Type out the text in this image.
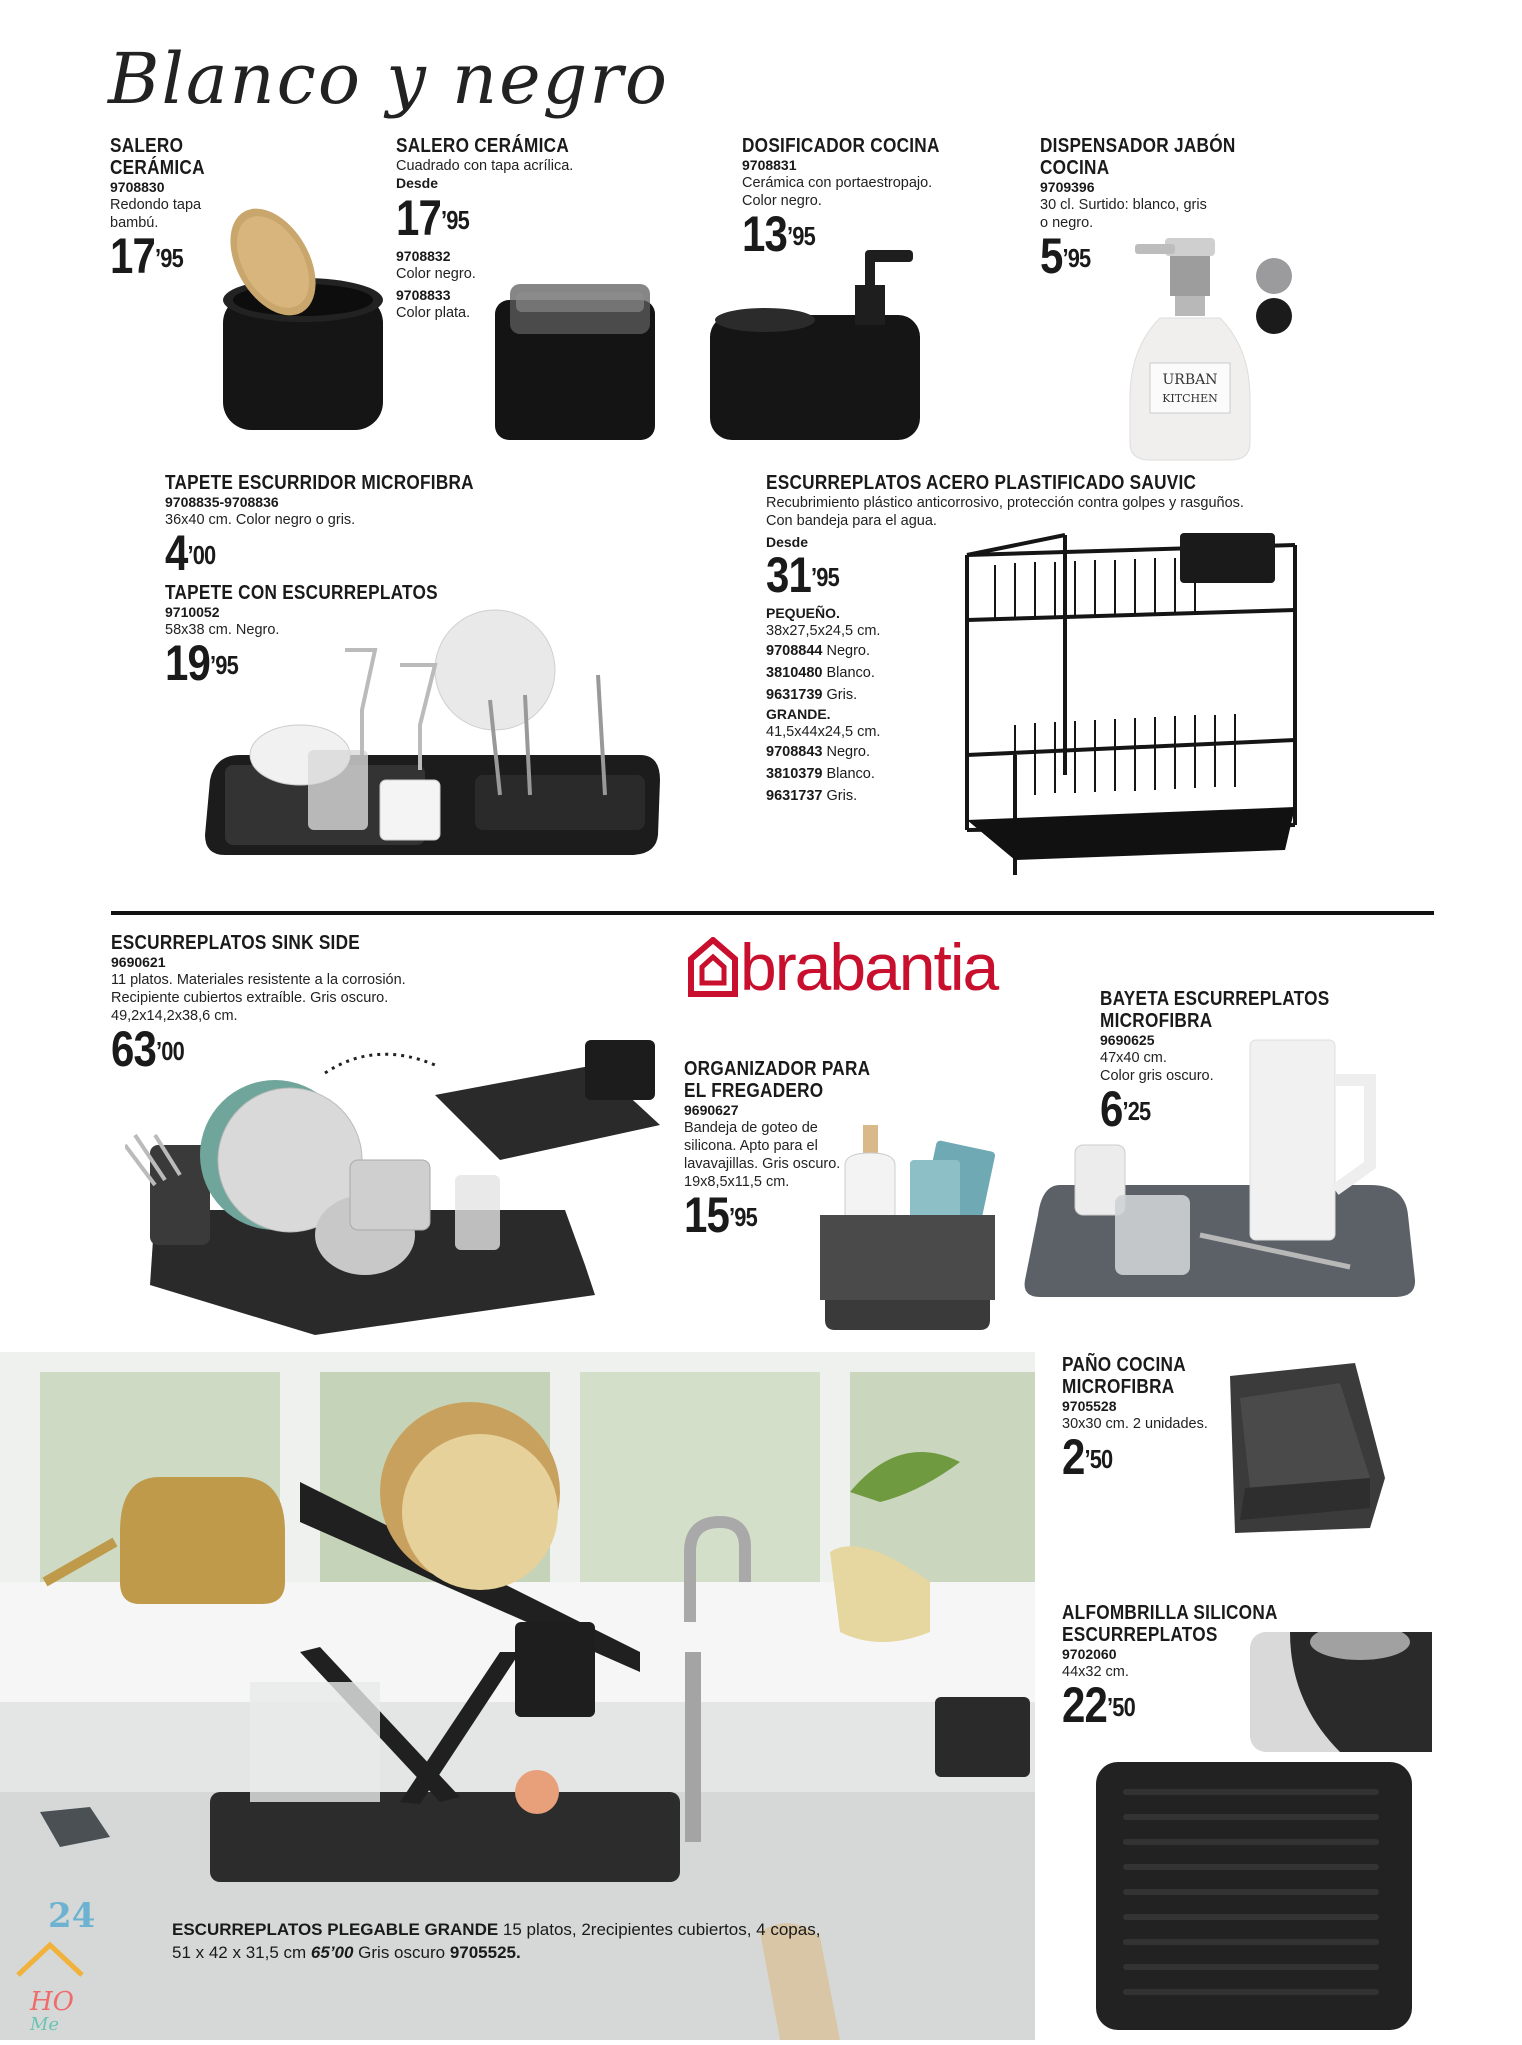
Blanco y negro
SALERO CERÁMICA
9708830
Redondo tapa bambú.
$17^{’95}$
SALERO CERÁMICA
Cuadrado con tapa acrílica.
Desde
$17^{’95}$
9708832
Color negro.
9708833
Color plata.
DOSIFICADOR COCINA
9708831
Cerámica con portaestropajo.
Color negro.
$13^{’95}$
DISPENSADOR JABÓN
COCINA
9709396
30 cl. Surtido: blanco, gris
o negro.
$5^{’95}$
URBAN
KITCHEN
TAPETE ESCURRIDOR MICROFIBRA
9708835-9708836
36x40 cm. Color negro o gris.
$4^{’00}$
TAPETE CON ESCURREPLATOS
9710052
58x38 cm. Negro.
$19^{’95}$
ESCURREPLATOS ACERO PLASTIFICADO SAUVIC
Recubrimiento plástico anticorrosivo, protección contra golpes y rasguños.
Con bandeja para el agua.
Desde
$31^{’95}$
PEQUEÑO.
38x27,5x24,5 cm.
9708844 Negro.
3810480 Blanco.
9631739 Gris.
GRANDE.
41,5x44x24,5 cm.
9708843 Negro.
3810379 Blanco.
9631737 Gris.
ESCURREPLATOS SINK SIDE
9690621
11 platos. Materiales resistente a la corrosión.
Recipiente cubiertos extraíble. Gris oscuro.
49,2x14,2x38,6 cm.
$63^{’00}$
brabantia
ORGANIZADOR PARA
EL FREGADERO
9690627
Bandeja de goteo de
silicona. Apto para el
lavavajillas. Gris oscuro.
19x8,5x11,5 cm.
$15^{’95}$
BAYETA ESCURREPLATOS
MICROFIBRA
9690625
47x40 cm.
Color gris oscuro.
$6^{’25}$
ESCURREPLATOS PLEGABLE GRANDE 15 platos, 2recipientes cubiertos, 4 copas,
51 x 42 x 31,5 cm 65’00 Gris oscuro 9705525.
24
HO
Me
PAÑO COCINA
MICROFIBRA
9705528
30x30 cm. 2 unidades.
$2^{’50}$
ALFOMBRILLA SILICONA
ESCURREPLATOS
9702060
44x32 cm.
$22^{’50}$
